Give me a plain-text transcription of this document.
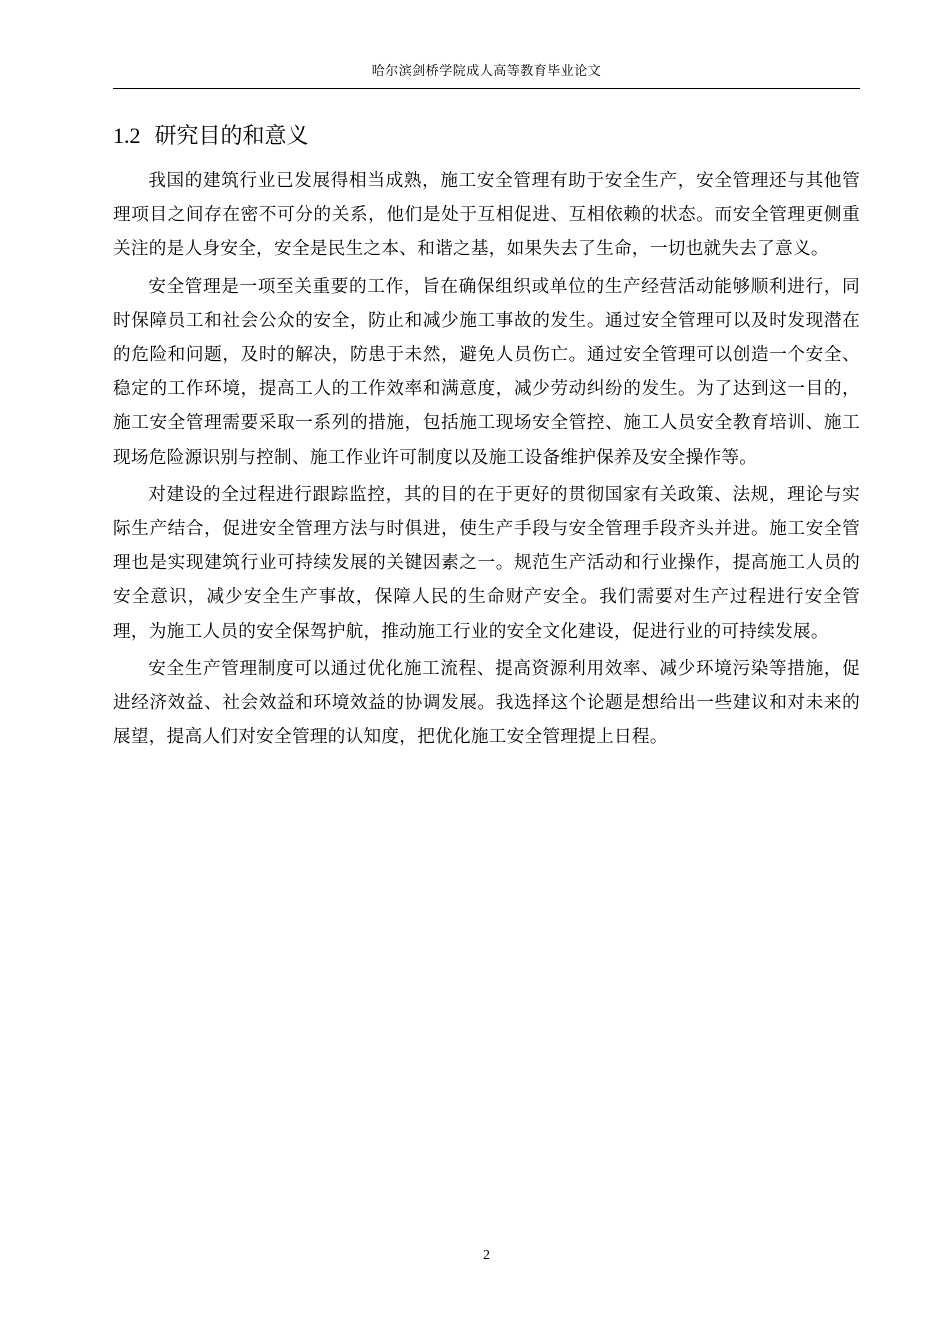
哈尔滨剑桥学院成人高等教育毕业论文
1.2 研究目的和意义

我国的建筑行业已发展得相当成熟，施工安全管理有助于安全生产，安全管理还与其他管理项目之间存在密不可分的关系，他们是处于互相促进、互相依赖的状态。而安全管理更侧重关注的是人身安全，安全是民生之本、和谐之基，如果失去了生命，一切也就失去了意义。

安全管理是一项至关重要的工作，旨在确保组织或单位的生产经营活动能够顺利进行，同时保障员工和社会公众的安全，防止和减少施工事故的发生。通过安全管理可以及时发现潜在的危险和问题，及时的解决，防患于未然，避免人员伤亡。通过安全管理可以创造一个安全、稳定的工作环境，提高工人的工作效率和满意度，减少劳动纠纷的发生。为了达到这一目的，施工安全管理需要采取一系列的措施，包括施工现场安全管控、施工人员安全教育培训、施工现场危险源识别与控制、施工作业许可制度以及施工设备维护保养及安全操作等。

对建设的全过程进行跟踪监控，其的目的在于更好的贯彻国家有关政策、法规，理论与实际生产结合，促进安全管理方法与时俱进，使生产手段与安全管理手段齐头并进。施工安全管理也是实现建筑行业可持续发展的关键因素之一。规范生产活动和行业操作，提高施工人员的安全意识，减少安全生产事故，保障人民的生命财产安全。我们需要对生产过程进行安全管理，为施工人员的安全保驾护航，推动施工行业的安全文化建设，促进行业的可持续发展。

安全生产管理制度可以通过优化施工流程、提高资源利用效率、减少环境污染等措施，促进经济效益、社会效益和环境效益的协调发展。我选择这个论题是想给出一些建议和对未来的展望，提高人们对安全管理的认知度，把优化施工安全管理提上日程。

2
